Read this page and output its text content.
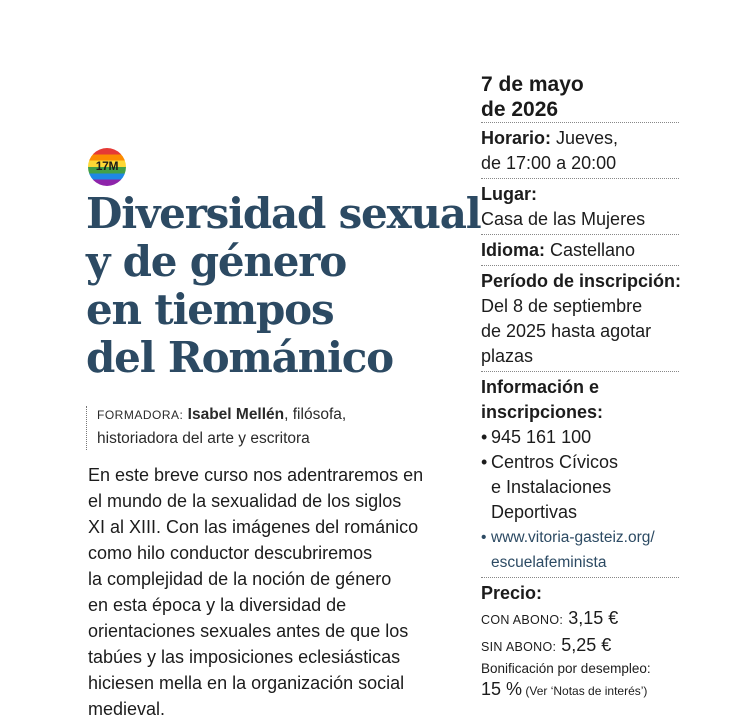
17M
Diversidad sexual
y de género
en tiempos
del Románico
FORMADORA: Isabel Mellén, filósofa,
historiadora del arte y escritora
En este breve curso nos adentraremos en
el mundo de la sexualidad de los siglos
XI al XIII. Con las imágenes del románico
como hilo conductor descubriremos
la complejidad de la noción de género
en esta época y la diversidad de
orientaciones sexuales antes de que los
tabúes y las imposiciones eclesiásticas
hiciesen mella en la organización social
medieval.
7 de mayo
de 2026
Horario: Jueves,
de 17:00 a 20:00
Lugar:
Casa de las Mujeres
Idioma: Castellano
Período de inscripción:
Del 8 de septiembre
de 2025 hasta agotar
plazas
Información e
inscripciones:
• 945 161 100
• Centros Cívicos
e Instalaciones
Deportivas
• www.vitoria-gasteiz.org/
escuelafeminista
Precio:
CON ABONO: 3,15 €
SIN ABONO: 5,25 €
Bonificación por desempleo:
15 % (Ver ‘Notas de interés’)
